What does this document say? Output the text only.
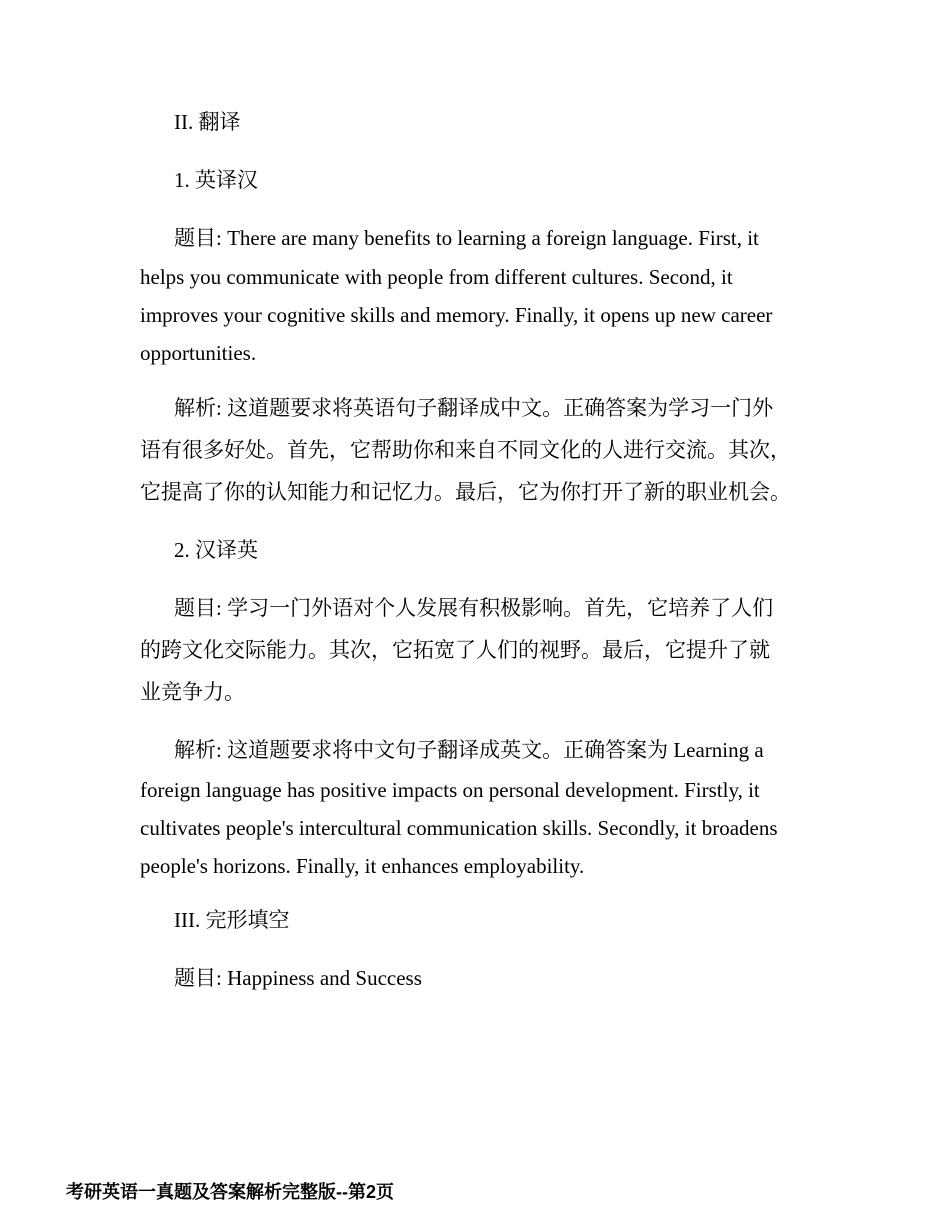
II. 翻译
1. 英译汉
题目: There are many benefits to learning a foreign language. First, it
helps you communicate with people from different cultures. Second, it
improves your cognitive skills and memory. Finally, it opens up new career
opportunities.
解析: 这道题要求将英语句子翻译成中文。正确答案为学习一门外
语有很多好处。首先，它帮助你和来自不同文化的人进行交流。其次，
它提高了你的认知能力和记忆力。最后，它为你打开了新的职业机会。
2. 汉译英
题目: 学习一门外语对个人发展有积极影响。首先，它培养了人们
的跨文化交际能力。其次，它拓宽了人们的视野。最后，它提升了就
业竞争力。
解析: 这道题要求将中文句子翻译成英文。正确答案为 Learning a
foreign language has positive impacts on personal development. Firstly, it
cultivates people's intercultural communication skills. Secondly, it broadens
people's horizons. Finally, it enhances employability.
III. 完形填空
题目: Happiness and Success
考研英语一真题及答案解析完整版--第2页
